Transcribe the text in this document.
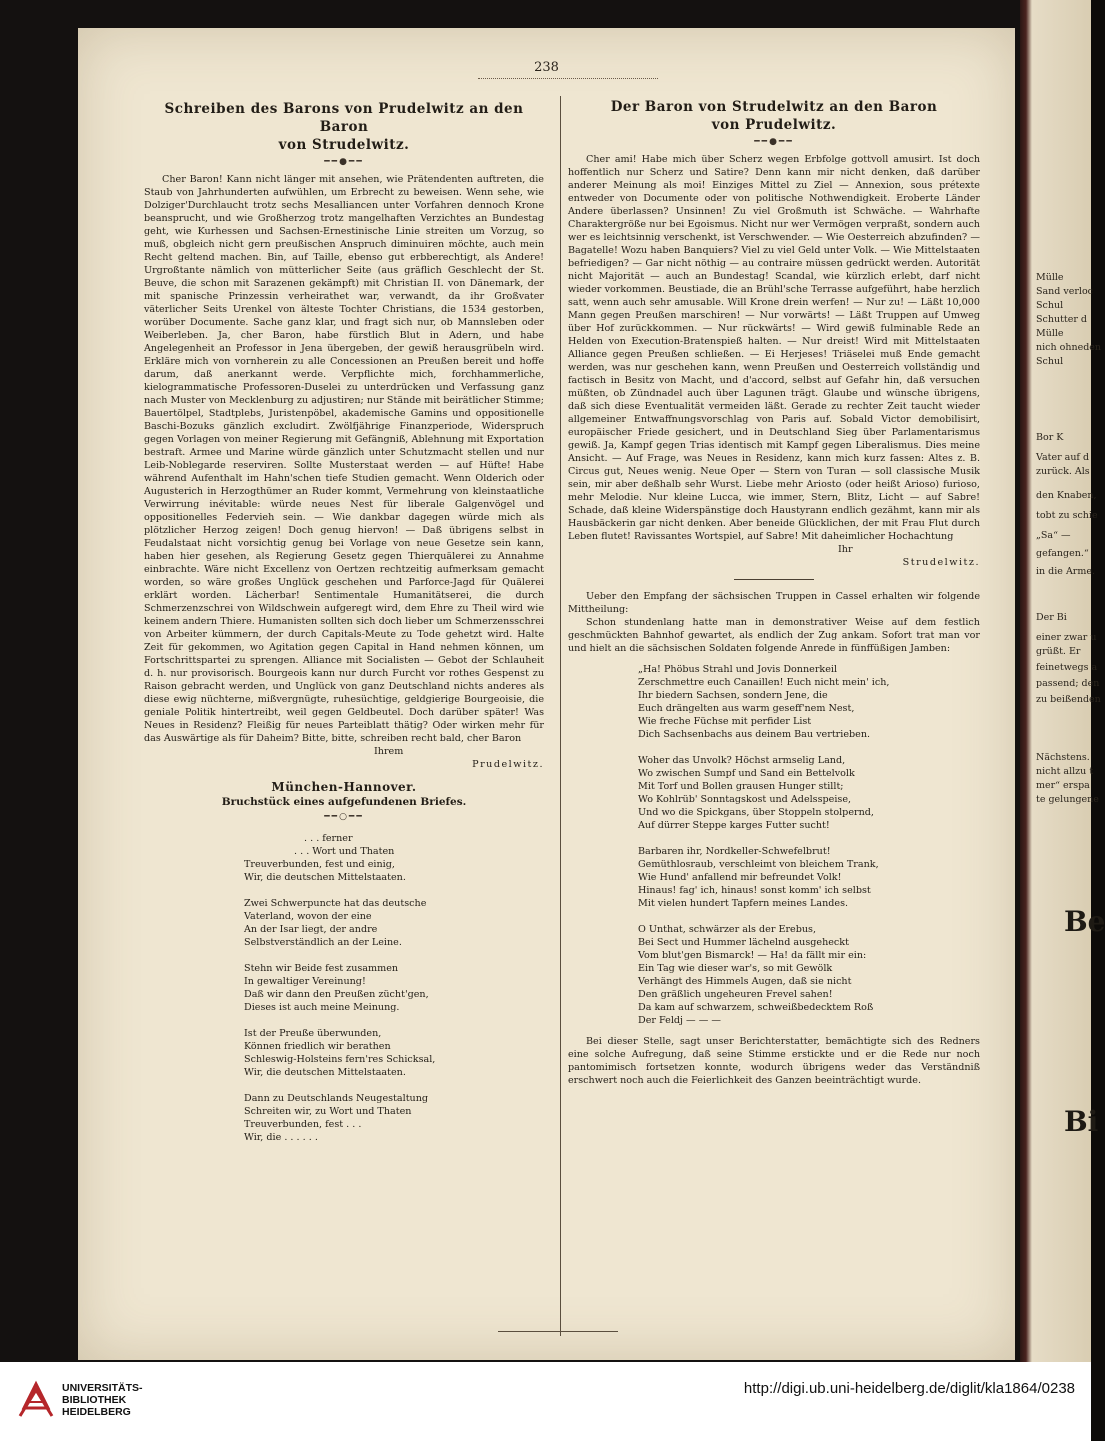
238

Schreiben des Barons von Prudelwitz an den Baron

von Strudelwitz.

━━●━━

Cher Baron! Kann nicht länger mit ansehen, wie Prätendenten auftreten, die Staub von Jahrhunderten aufwühlen, um Erbrecht zu beweisen. Wenn sehe, wie Dolziger'Durchlaucht trotz sechs Mesalliancen unter Vorfahren dennoch Krone beansprucht, und wie Großherzog trotz mangelhaften Verzichtes an Bundestag geht, wie Kurhessen und Sachsen-Ernestinische Linie streiten um Vorzug, so muß, obgleich nicht gern preußischen Anspruch diminuiren möchte, auch mein Recht geltend machen. Bin, auf Taille, ebenso gut erbberechtigt, als Andere! Urgroßtante nämlich von mütterlicher Seite (aus gräflich Geschlecht der St. Beuve, die schon mit Sarazenen gekämpft) mit Christian II. von Dänemark, der mit spanische Prinzessin verheirathet war, verwandt, da ihr Großvater väterlicher Seits Urenkel von älteste Tochter Christians, die 1534 gestorben, worüber Documente. Sache ganz klar, und fragt sich nur, ob Mannsleben oder Weiberleben. Ja, cher Baron, habe fürstlich Blut in Adern, und habe Angelegenheit an Professor in Jena übergeben, der gewiß herausgrübeln wird. Erkläre mich von vornherein zu alle Concessionen an Preußen bereit und hoffe darum, daß anerkannt werde. Verpflichte mich, forchhammerliche, kielogrammatische Professoren-Duselei zu unterdrücken und Verfassung ganz nach Muster von Mecklenburg zu adjustiren; nur Stände mit beirätlicher Stimme; Bauertölpel, Stadtplebs, Juristenpöbel, akademische Gamins und oppositionelle Baschi-Bozuks gänzlich excludirt. Zwölfjährige Finanzperiode, Widerspruch gegen Vorlagen von meiner Regierung mit Gefängniß, Ablehnung mit Exportation bestraft. Armee und Marine würde gänzlich unter Schutzmacht stellen und nur Leib-Noblegarde reserviren. Sollte Musterstaat werden — auf Hüfte! Habe während Aufenthalt im Hahn'schen tiefe Studien gemacht. Wenn Olderich oder Augusterich in Herzogthümer an Ruder kommt, Vermehrung von kleinstaatliche Verwirrung inévitable: würde neues Nest für liberale Galgenvögel und oppositionelles Federvieh sein. — Wie dankbar dagegen würde mich als plötzlicher Herzog zeigen! Doch genug hiervon! — Daß übrigens selbst in Feudalstaat nicht vorsichtig genug bei Vorlage von neue Gesetze sein kann, haben hier gesehen, als Regierung Gesetz gegen Thierquälerei zu Annahme einbrachte. Wäre nicht Excellenz von Oertzen rechtzeitig aufmerksam gemacht worden, so wäre großes Unglück geschehen und Parforce-Jagd für Quälerei erklärt worden. Lächerbar! Sentimentale Humanitätserei, die durch Schmerzenzschrei von Wildschwein aufgeregt wird, dem Ehre zu Theil wird wie keinem andern Thiere. Humanisten sollten sich doch lieber um Schmerzensschrei von Arbeiter kümmern, der durch Capitals-Meute zu Tode gehetzt wird. Halte Zeit für gekommen, wo Agitation gegen Capital in Hand nehmen können, um Fortschrittspartei zu sprengen. Alliance mit Socialisten — Gebot der Schlauheit d. h. nur provisorisch. Bourgeois kann nur durch Furcht vor rothes Gespenst zu Raison gebracht werden, und Unglück von ganz Deutschland nichts anderes als diese ewig nüchterne, mißvergnügte, ruhesüchtige, geldgierige Bourgeoisie, die geniale Politik hintertreibt, weil gegen Geldbeutel. Doch darüber später! Was Neues in Residenz? Fleißig für neues Parteiblatt thätig? Oder wirken mehr für das Auswärtige als für Daheim? Bitte, bitte, schreiben recht bald, cher Baron

Ihrem

Prudelwitz.

München-Hannover.

Bruchstück eines aufgefundenen Briefes.

━━○━━
. . . ferner
. . . Wort und Thaten
Treuverbunden, fest und einig,
Wir, die deutschen Mittelstaaten.

Zwei Schwerpuncte hat das deutsche
Vaterland, wovon der eine
An der Isar liegt, der andre
Selbstverständlich an der Leine.

Stehn wir Beide fest zusammen
In gewaltiger Vereinung!
Daß wir dann den Preußen zücht'gen,
Dieses ist auch meine Meinung.

Ist der Preuße überwunden,
Können friedlich wir berathen
Schleswig-Holsteins fern'res Schicksal,
Wir, die deutschen Mittelstaaten.

Dann zu Deutschlands Neugestaltung
Schreiten wir, zu Wort und Thaten
Treuverbunden, fest . . .
Wir, die . . . . . .

Der Baron von Strudelwitz an den Baron

von Prudelwitz.

━━●━━

Cher ami! Habe mich über Scherz wegen Erbfolge gottvoll amusirt. Ist doch hoffentlich nur Scherz und Satire? Denn kann mir nicht denken, daß darüber anderer Meinung als moi! Einziges Mittel zu Ziel — Annexion, sous prétexte entweder von Documente oder von politische Nothwendigkeit. Eroberte Länder Andere überlassen? Unsinnen! Zu viel Großmuth ist Schwäche. — Wahrhafte Charaktergröße nur bei Egoismus. Nicht nur wer Vermögen verpraßt, sondern auch wer es leichtsinnig verschenkt, ist Verschwender. — Wie Oesterreich abzufinden? — Bagatelle! Wozu haben Banquiers? Viel zu viel Geld unter Volk. — Wie Mittelstaaten befriedigen? — Gar nicht nöthig — au contraire müssen gedrückt werden. Autorität nicht Majorität — auch an Bundestag! Scandal, wie kürzlich erlebt, darf nicht wieder vorkommen. Beustiade, die an Brühl'sche Terrasse aufgeführt, habe herzlich satt, wenn auch sehr amusable. Will Krone drein werfen! — Nur zu! — Läßt 10,000 Mann gegen Preußen marschiren! — Nur vorwärts! — Läßt Truppen auf Umweg über Hof zurückkommen. — Nur rückwärts! — Wird gewiß fulminable Rede an Helden von Execution-Bratenspieß halten. — Nur dreist! Wird mit Mittelstaaten Alliance gegen Preußen schließen. — Ei Herjeses! Triäselei muß Ende gemacht werden, was nur geschehen kann, wenn Preußen und Oesterreich vollständig und factisch in Besitz von Macht, und d'accord, selbst auf Gefahr hin, daß versuchen müßten, ob Zündnadel auch über Lagunen trägt. Glaube und wünsche übrigens, daß sich diese Eventualität vermeiden läßt. Gerade zu rechter Zeit taucht wieder allgemeiner Entwaffnungsvorschlag von Paris auf. Sobald Victor demobilisirt, europäischer Friede gesichert, und in Deutschland Sieg über Parlamentarismus gewiß. Ja, Kampf gegen Trias identisch mit Kampf gegen Liberalismus. Dies meine Ansicht. — Auf Frage, was Neues in Residenz, kann mich kurz fassen: Altes z. B. Circus gut, Neues wenig. Neue Oper — Stern von Turan — soll classische Musik sein, mir aber deßhalb sehr Wurst. Liebe mehr Ariosto (oder heißt Arioso) furioso, mehr Melodie. Nur kleine Lucca, wie immer, Stern, Blitz, Licht — auf Sabre! Schade, daß kleine Widerspänstige doch Haustyrann endlich gezähmt, kann mir als Hausbäckerin gar nicht denken. Aber beneide Glücklichen, der mit Frau Flut durch Leben flutet! Ravissantes Wortspiel, auf Sabre! Mit daheimlicher Hochachtung

Ihr

Strudelwitz.

Ueber den Empfang der sächsischen Truppen in Cassel erhalten wir folgende Mittheilung:

Schon stundenlang hatte man in demonstrativer Weise auf dem festlich geschmückten Bahnhof gewartet, als endlich der Zug ankam. Sofort trat man vor und hielt an die sächsischen Soldaten folgende Anrede in fünffüßigen Jamben:

„Ha! Phöbus Strahl und Jovis Donnerkeil
Zerschmettre euch Canaillen! Euch nicht mein' ich,
Ihr biedern Sachsen, sondern Jene, die
Euch drängelten aus warm geseff'nem Nest,
Wie freche Füchse mit perfider List
Dich Sachsenbachs aus deinem Bau vertrieben.

Woher das Unvolk? Höchst armselig Land,
Wo zwischen Sumpf und Sand ein Bettelvolk
Mit Torf und Bollen grausen Hunger stillt;
Wo Kohlrüb' Sonntagskost und Adelsspeise,
Und wo die Spickgans, über Stoppeln stolpernd,
Auf dürrer Steppe karges Futter sucht!

Barbaren ihr, Nordkeller-Schwefelbrut!
Gemüthlosraub, verschleimt von bleichem Trank,
Wie Hund' anfallend mir befreundet Volk!
Hinaus! fag' ich, hinaus! sonst komm' ich selbst
Mit vielen hundert Tapfern meines Landes.

O Unthat, schwärzer als der Erebus,
Bei Sect und Hummer lächelnd ausgeheckt
Vom blut'gen Bismarck! — Ha! da fällt mir ein:
Ein Tag wie dieser war's, so mit Gewölk
Verhängt des Himmels Augen, daß sie nicht
Den gräßlich ungeheuren Frevel sahen!
Da kam auf schwarzem, schweißbedecktem Roß
Der Feldj — — —

Bei dieser Stelle, sagt unser Berichterstatter, bemächtigte sich des Redners eine solche Aufregung, daß seine Stimme erstickte und er die Rede nur noch pantomimisch fortsetzen konnte, wodurch übrigens weder das Verständniß erschwert noch auch die Feierlichkeit des Ganzen beeinträchtigt wurde.

Mülle
Sand verloc
Schul
Schutter d
Mülle
nich ohneden
Schul
Bor K
Vater auf d
zurück. Als
den Knaben,
tobt zu schie
„Sa“ —
gefangen.“
in die Arme.
Der Bi
einer zwar u
grüßt. Er
feinetwegs a
passend; den
zu beißenden
Nächstens.
nicht allzu t
mer“ erspa
te gelungene
Be
Bi
UNIVERSITÄTS-
BIBLIOTHEK
HEIDELBERG
http://digi.ub.uni-heidelberg.de/diglit/kla1864/0238
